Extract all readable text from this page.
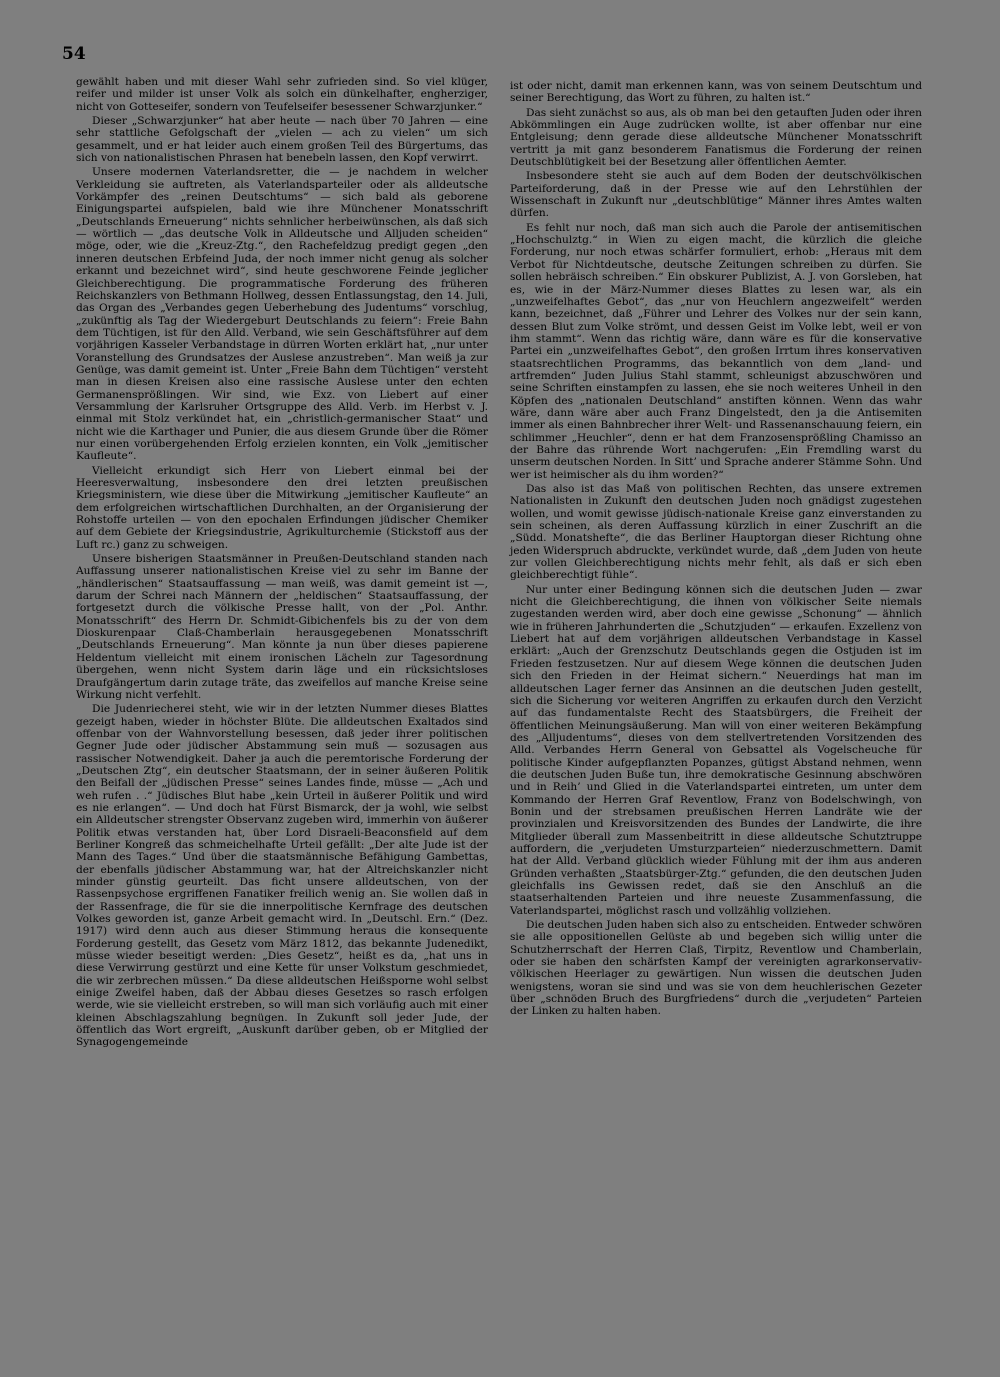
54

gewählt haben und mit dieser Wahl sehr zufrieden sind. So viel klüger, reifer und milder ist unser Volk als solch ein dünkelhafter, engherziger, nicht von Gotteseifer, sondern von Teufelseifer besessener Schwarzjunker.“

Dieser „Schwarzjunker“ hat aber heute — nach über 70 Jahren — eine sehr stattliche Gefolgschaft der „vielen — ach zu vielen“ um sich gesammelt, und er hat leider auch einem großen Teil des Bürgertums, das sich von nationalistischen Phrasen hat benebeln lassen, den Kopf verwirrt.

Unsere modernen Vaterlandsretter, die — je nachdem in welcher Verkleidung sie auftreten, als Vaterlandsparteiler oder als alldeutsche Vorkämpfer des „reinen Deutschtums“ — sich bald als geborene Einigungspartei aufspielen, bald wie ihre Münchener Monatsschrift „Deutschlands Erneuerung“ nichts sehnlicher herbeiwünschen, als daß sich — wörtlich — „das deutsche Volk in Alldeutsche und Alljuden scheiden“ möge, oder, wie die „Kreuz-Ztg.“, den Rachefeldzug predigt gegen „den inneren deutschen Erbfeind Juda, der noch immer nicht genug als solcher erkannt und bezeichnet wird“, sind heute geschworene Feinde jeglicher Gleichberechtigung. Die programmatische Forderung des früheren Reichskanzlers von Bethmann Hollweg, dessen Entlassungstag, den 14. Juli, das Organ des „Verbandes gegen Ueberhebung des Judentums“ vorschlug, „zukünftig als Tag der Wiedergeburt Deutschlands zu feiern“: Freie Bahn dem Tüchtigen, ist für den Alld. Verband, wie sein Geschäftsführer auf dem vorjährigen Kasseler Verbandstage in dürren Worten erklärt hat, „nur unter Voranstellung des Grundsatzes der Auslese anzustreben“. Man weiß ja zur Genüge, was damit gemeint ist. Unter „Freie Bahn dem Tüchtigen“ versteht man in diesen Kreisen also eine rassische Auslese unter den echten Germanensprößlingen. Wir sind, wie Exz. von Liebert auf einer Versammlung der Karlsruher Ortsgruppe des Alld. Verb. im Herbst v. J. einmal mit Stolz verkündet hat, ein „christlich-germanischer Staat“ und nicht wie die Karthager und Punier, die aus diesem Grunde über die Römer nur einen vorübergehenden Erfolg erzielen konnten, ein Volk „jemitischer Kaufleute“.

Vielleicht erkundigt sich Herr von Liebert einmal bei der Heeresverwaltung, insbesondere den drei letzten preußischen Kriegsministern, wie diese über die Mitwirkung „jemitischer Kaufleute“ an dem erfolgreichen wirtschaftlichen Durchhalten, an der Organisierung der Rohstoffe urteilen — von den epochalen Erfindungen jüdischer Chemiker auf dem Gebiete der Kriegsindustrie, Agrikulturchemie (Stickstoff aus der Luft rc.) ganz zu schweigen.

Unsere bisherigen Staatsmänner in Preußen-Deutschland standen nach Auffassung unserer nationalistischen Kreise viel zu sehr im Banne der „händlerischen“ Staatsauffassung — man weiß, was damit gemeint ist —, darum der Schrei nach Männern der „heldischen“ Staatsauffassung, der fortgesetzt durch die völkische Presse hallt, von der „Pol. Anthr. Monatsschrift“ des Herrn Dr. Schmidt-Gibichenfels bis zu der von dem Dioskurenpaar Claß-Chamberlain herausgegebenen Monatsschrift „Deutschlands Erneuerung“. Man könnte ja nun über dieses papierene Heldentum vielleicht mit einem ironischen Lächeln zur Tagesordnung übergehen, wenn nicht System darin läge und ein rücksichtsloses Draufgängertum darin zutage träte, das zweifellos auf manche Kreise seine Wirkung nicht verfehlt.

Die Judenriecherei steht, wie wir in der letzten Nummer dieses Blattes gezeigt haben, wieder in höchster Blüte. Die alldeutschen Exaltados sind offenbar von der Wahnvorstellung besessen, daß jeder ihrer politischen Gegner Jude oder jüdischer Abstammung sein muß — sozusagen aus rassischer Notwendigkeit. Daher ja auch die peremtorische Forderung der „Deutschen Ztg“, ein deutscher Staatsmann, der in seiner äußeren Politik den Beifall der „jüdischen Presse“ seines Landes finde, müsse — „Ach und weh rufen . .“ Jüdisches Blut habe „kein Urteil in äußerer Politik und wird es nie erlangen“. — Und doch hat Fürst Bismarck, der ja wohl, wie selbst ein Alldeutscher strengster Observanz zugeben wird, immerhin von äußerer Politik etwas verstanden hat, über Lord Disraeli-Beaconsfield auf dem Berliner Kongreß das schmeichelhafte Urteil gefällt: „Der alte Jude ist der Mann des Tages.“ Und über die staatsmännische Befähigung Gambettas, der ebenfalls jüdischer Abstammung war, hat der Altreichskanzler nicht minder günstig geurteilt. Das ficht unsere alldeutschen, von der Rassenpsychose ergriffenen Fanatiker freilich wenig an. Sie wollen daß in der Rassenfrage, die für sie die innerpolitische Kernfrage des deutschen Volkes geworden ist, ganze Arbeit gemacht wird. In „Deutschl. Ern.“ (Dez. 1917) wird denn auch aus dieser Stimmung heraus die konsequente Forderung gestellt, das Gesetz vom März 1812, das bekannte Judenedikt, müsse wieder beseitigt werden: „Dies Gesetz“, heißt es da, „hat uns in diese Verwirrung gestürzt und eine Kette für unser Volkstum geschmiedet, die wir zerbrechen müssen.“ Da diese alldeutschen Heißsporne wohl selbst einige Zweifel haben, daß der Abbau dieses Gesetzes so rasch erfolgen werde, wie sie vielleicht erstreben, so will man sich vorläufig auch mit einer kleinen Abschlagszahlung begnügen. In Zukunft soll jeder Jude, der öffentlich das Wort ergreift, „Auskunft darüber geben, ob er Mitglied der Synagogengemeinde

ist oder nicht, damit man erkennen kann, was von seinem Deutschtum und seiner Berechtigung, das Wort zu führen, zu halten ist.“

Das sieht zunächst so aus, als ob man bei den getauften Juden oder ihren Abkömmlingen ein Auge zudrücken wollte, ist aber offenbar nur eine Entgleisung; denn gerade diese alldeutsche Münchener Monatsschrift vertritt ja mit ganz besonderem Fanatismus die Forderung der reinen Deutschblütigkeit bei der Besetzung aller öffentlichen Aemter.

Insbesondere steht sie auch auf dem Boden der deutschvölkischen Parteiforderung, daß in der Presse wie auf den Lehrstühlen der Wissenschaft in Zukunft nur „deutschblütige“ Männer ihres Amtes walten dürfen.

Es fehlt nur noch, daß man sich auch die Parole der antisemitischen „Hochschulztg.“ in Wien zu eigen macht, die kürzlich die gleiche Forderung, nur noch etwas schärfer formuliert, erhob: „Heraus mit dem Verbot für Nichtdeutsche, deutsche Zeitungen schreiben zu dürfen. Sie sollen hebräisch schreiben.“ Ein obskurer Publizist, A. J. von Gorsleben, hat es, wie in der März-Nummer dieses Blattes zu lesen war, als ein „unzweifelhaftes Gebot“, das „nur von Heuchlern angezweifelt“ werden kann, bezeichnet, daß „Führer und Lehrer des Volkes nur der sein kann, dessen Blut zum Volke strömt, und dessen Geist im Volke lebt, weil er von ihm stammt“. Wenn das richtig wäre, dann wäre es für die konservative Partei ein „unzweifelhaftes Gebot“, den großen Irrtum ihres konservativen staatsrechtlichen Programms, das bekanntlich von dem „land- und artfremden“ Juden Julius Stahl stammt, schleunigst abzuschwören und seine Schriften einstampfen zu lassen, ehe sie noch weiteres Unheil in den Köpfen des „nationalen Deutschland“ anstiften können. Wenn das wahr wäre, dann wäre aber auch Franz Dingelstedt, den ja die Antisemiten immer als einen Bahnbrecher ihrer Welt- und Rassenanschauung feiern, ein schlimmer „Heuchler“, denn er hat dem Franzosensprößling Chamisso an der Bahre das rührende Wort nachgerufen: „Ein Fremdling warst du unserm deutschen Norden. In Sitt’ und Sprache anderer Stämme Sohn. Und wer ist heimischer als du ihm worden?“

Das also ist das Maß von politischen Rechten, das unsere extremen Nationalisten in Zukunft den deutschen Juden noch gnädigst zugestehen wollen, und womit gewisse jüdisch-nationale Kreise ganz einverstanden zu sein scheinen, als deren Auffassung kürzlich in einer Zuschrift an die „Südd. Monatshefte“, die das Berliner Hauptorgan dieser Richtung ohne jeden Widerspruch abdruckte, verkündet wurde, daß „dem Juden von heute zur vollen Gleichberechtigung nichts mehr fehlt, als daß er sich eben gleichberechtigt fühle“.

Nur unter einer Bedingung können sich die deutschen Juden — zwar nicht die Gleichberechtigung, die ihnen von völkischer Seite niemals zugestanden werden wird, aber doch eine gewisse „Schonung“ — ähnlich wie in früheren Jahrhunderten die „Schutzjuden“ — erkaufen. Exzellenz von Liebert hat auf dem vorjährigen alldeutschen Verbandstage in Kassel erklärt: „Auch der Grenzschutz Deutschlands gegen die Ostjuden ist im Frieden festzusetzen. Nur auf diesem Wege können die deutschen Juden sich den Frieden in der Heimat sichern.“ Neuerdings hat man im alldeutschen Lager ferner das Ansinnen an die deutschen Juden gestellt, sich die Sicherung vor weiteren Angriffen zu erkaufen durch den Verzicht auf das fundamentalste Recht des Staatsbürgers, die Freiheit der öffentlichen Meinungsäußerung. Man will von einer weiteren Bekämpfung des „Alljudentums“, dieses von dem stellvertretenden Vorsitzenden des Alld. Verbandes Herrn General von Gebsattel als Vogelscheuche für politische Kinder aufgepflanzten Popanzes, gütigst Abstand nehmen, wenn die deutschen Juden Buße tun, ihre demokratische Gesinnung abschwören und in Reih’ und Glied in die Vaterlandspartei eintreten, um unter dem Kommando der Herren Graf Reventlow, Franz von Bodelschwingh, von Bonin und der strebsamen preußischen Herren Landräte wie der provinzialen und Kreisvorsitzenden des Bundes der Landwirte, die ihre Mitglieder überall zum Massenbeitritt in diese alldeutsche Schutztruppe auffordern, die „verjudeten Umsturzparteien“ niederzuschmettern. Damit hat der Alld. Verband glücklich wieder Fühlung mit der ihm aus anderen Gründen verhaßten „Staatsbürger-Ztg.“ gefunden, die den deutschen Juden gleichfalls ins Gewissen redet, daß sie den Anschluß an die staatserhaltenden Parteien und ihre neueste Zusammenfassung, die Vaterlandspartei, möglichst rasch und vollzählig vollziehen.

Die deutschen Juden haben sich also zu entscheiden. Entweder schwören sie alle oppositionellen Gelüste ab und begeben sich willig unter die Schutzherrschaft der Herren Claß, Tirpitz, Reventlow und Chamberlain, oder sie haben den schärfsten Kampf der vereinigten agrarkonservativ-völkischen Heerlager zu gewärtigen. Nun wissen die deutschen Juden wenigstens, woran sie sind und was sie von dem heuchlerischen Gezeter über „schnöden Bruch des Burgfriedens“ durch die „verjudeten“ Parteien der Linken zu halten haben.
